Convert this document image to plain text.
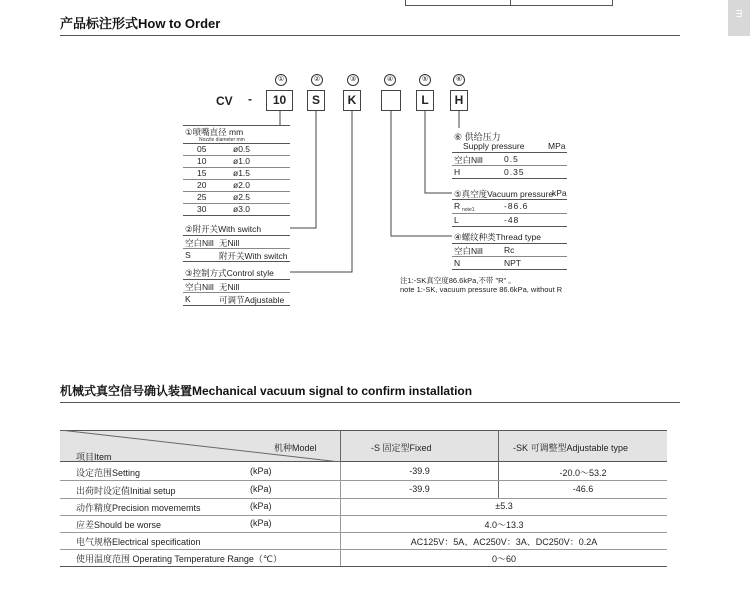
m
产品标注形式How to Order
CV -
①	②	③	④	⑤	⑥
10	S	K	L	H
①喷嘴直径 mm
Nozzle diameter mm
05	ø0.5
10	ø1.0
15	ø1.5
20	ø2.0
25	ø2.5
30	ø3.0
②附开关With switch
空白Nill 无Nill
S	附开关With switch
③控制方式Control style
空白Nill 无Nill
K	可调节Adjustable
⑥ 供给压力
Supply pressure	MPa
空白Nill 0.5
H	0.35
⑤真空度Vacuum pressure
kPa
R note1	-86.6
L	-48
④螺纹种类Thread type
空白Nill Rc
N	NPT
注1:-SK真空度86.6kPa,不带 "R" 。
note 1:-SK, vacuum pressure 86.6kPa, without R
机械式真空信号确认装置Mechanical vacuum signal to confirm installation
机种Model
项目Item
-S 固定型Fixed	-SK 可调整型Adjustable type
设定范围Setting	(kPa)	-39.9	-20.0～53.2
出荷时设定值Initial setup	(kPa)	-39.9	-46.6
动作精度Precision movememts	(kPa)	±5.3
应差Should be worse	(kPa)	4.0～13.3
电气规格Electrical specification	AC125V：5A、AC250V：3A、DC250V：0.2A
使用温度范围 Operating Temperature Range（℃）	0～60
